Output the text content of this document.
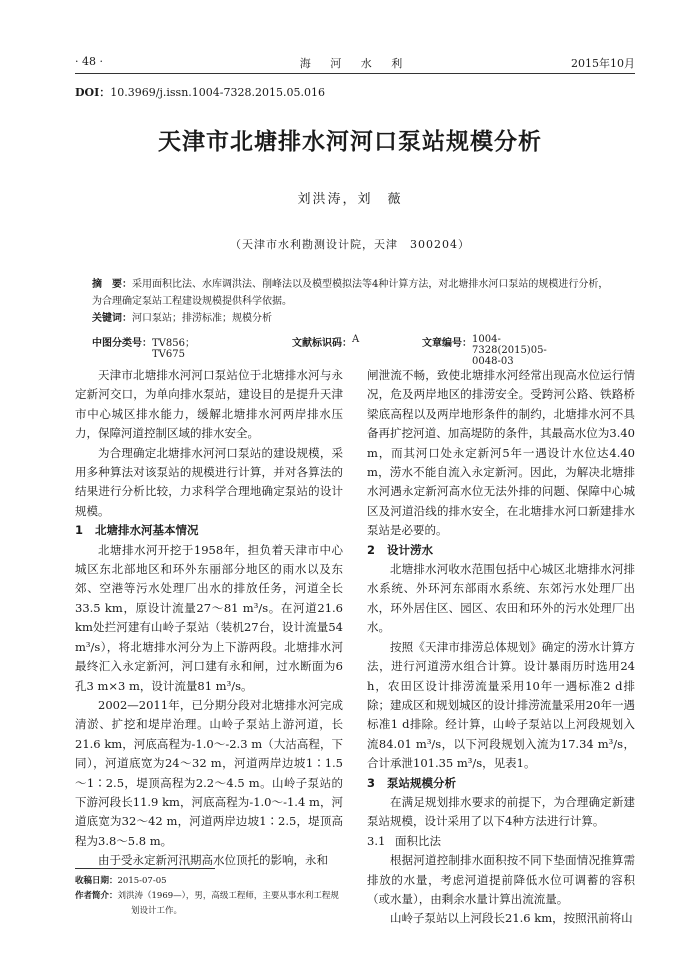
· 48 ·	海 河 水 利	2015年10月
DOI：10.3969/j.issn.1004-7328.2015.05.016
天津市北塘排水河河口泵站规模分析
刘洪涛，刘　薇
（天津市水利勘测设计院，天津　300204）
摘　要：采用面积比法、水库调洪法、削峰法以及模型模拟法等4种计算方法，对北塘排水河口泵站的规模进行分析，为合理确定泵站工程建设规模提供科学依据。
关键词：河口泵站；排涝标准；规模分析
中图分类号： TV856；TV675
文献标识码： A	文章编号： 1004-7328(2015)05-0048-03

天津市北塘排水河河口泵站位于北塘排水河与永定新河交口，为单向排水泵站，建设目的是提升天津市中心城区排水能力，缓解北塘排水河两岸排水压力，保障河道控制区域的排水安全。

为合理确定北塘排水河河口泵站的建设规模，采用多种算法对该泵站的规模进行计算，并对各算法的结果进行分析比较，力求科学合理地确定泵站的设计规模。

1 北塘排水河基本情况

北塘排水河开挖于1958年，担负着天津市中心城区东北部地区和环外东丽部分地区的雨水以及东郊、空港等污水处理厂出水的排放任务，河道全长33.5 km，原设计流量27～81 m³/s。在河道21.6 km处拦河建有山岭子泵站（装机27台，设计流量54 m³/s），将北塘排水河分为上下游两段。北塘排水河最终汇入永定新河，河口建有永和闸，过水断面为6孔3 m×3 m，设计流量81 m³/s。

2002—2011年，已分期分段对北塘排水河完成清淤、扩挖和堤岸治理。山岭子泵站上游河道，长21.6 km，河底高程为-1.0～-2.3 m（大沽高程，下同），河道底宽为24～32 m，河道两岸边坡1∶1.5～1∶2.5，堤顶高程为2.2～4.5 m。山岭子泵站的下游河段长11.9 km，河底高程为-1.0～-1.4 m，河道底宽为32～42 m，河道两岸边坡1∶2.5，堤顶高程为3.8～5.8 m。

由于受永定新河汛期高水位顶托的影响，永和

闸泄流不畅，致使北塘排水河经常出现高水位运行情况，危及两岸地区的排涝安全。受跨河公路、铁路桥梁底高程以及两岸地形条件的制约，北塘排水河不具备再扩挖河道、加高堤防的条件，其最高水位为3.40 m，而其河口处永定新河5年一遇设计水位达4.40 m，涝水不能自流入永定新河。因此，为解决北塘排水河遇永定新河高水位无法外排的问题、保障中心城区及河道沿线的排水安全，在北塘排水河口新建排水泵站是必要的。

2 设计涝水

北塘排水河收水范围包括中心城区北塘排水河排水系统、外环河东部雨水系统、东郊污水处理厂出水，环外居住区、园区、农田和环外的污水处理厂出水。

按照《天津市排涝总体规划》确定的涝水计算方法，进行河道涝水组合计算。设计暴雨历时选用24 h，农田区设计排涝流量采用10年一遇标准2 d排除；建成区和规划城区的设计排涝流量采用20年一遇标准1 d排除。经计算，山岭子泵站以上河段规划入流84.01 m³/s，以下河段规划入流为17.34 m³/s，合计承泄101.35 m³/s，见表1。

3 泵站规模分析

在满足规划排水要求的前提下，为合理确定新建泵站规模，设计采用了以下4种方法进行计算。

3.1 面积比法

根据河道控制排水面积按不同下垫面情况推算需排放的水量，考虑河道提前降低水位可调蓄的容积（或水量），由剩余水量计算出流流量。

山岭子泵站以上河段长21.6 km，按照汛前将山

收稿日期：2015-07-05
作者简介：刘洪涛（1969—），男，高级工程师，主要从事水利工程规
划设计工作。
